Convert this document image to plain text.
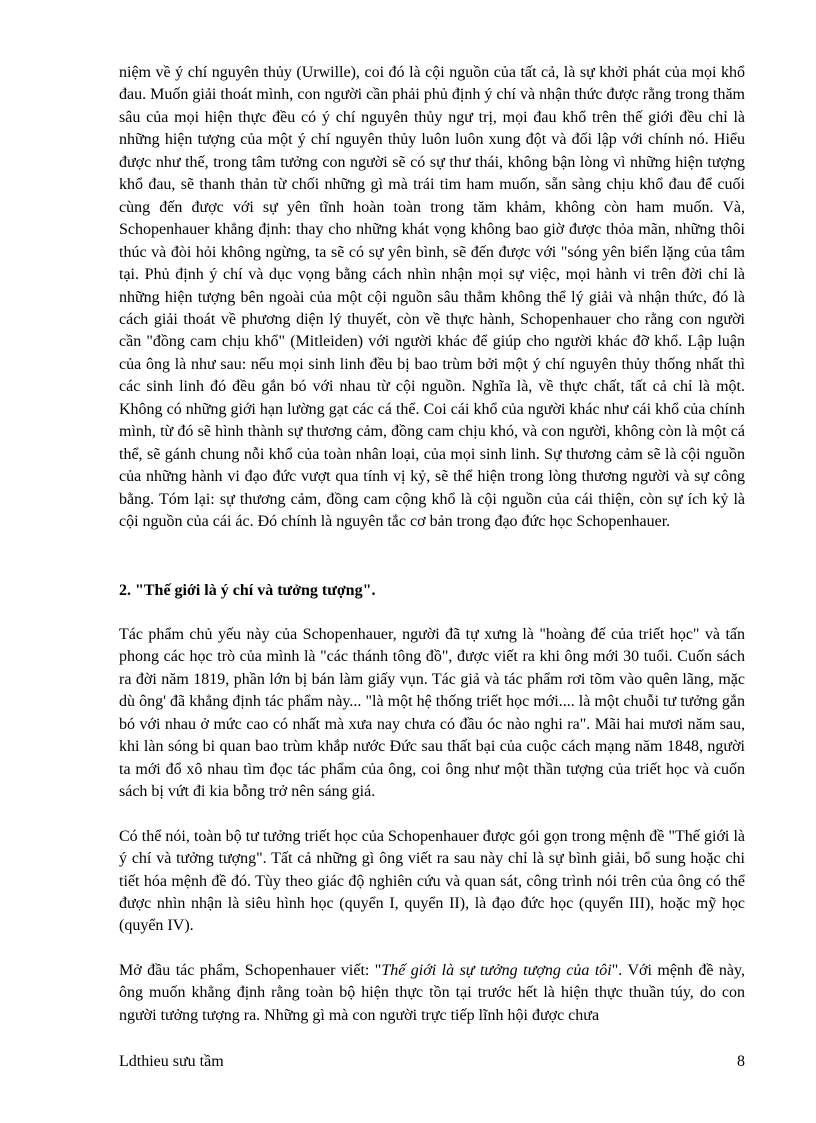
niệm về ý chí nguyên thủy (Urwille), coi đó là cội nguồn của tất cả, là sự khởi phát của mọi khổ đau. Muốn giải thoát mình, con người cần phải phủ định ý chí và nhận thức được rằng trong thăm sâu của mọi hiện thực đều có ý chí nguyên thủy ngư trị, mọi đau khổ trên thế giới đều chỉ là những hiện tượng của một ý chí nguyên thủy luôn luôn xung đột và đối lập với chính nó. Hiểu được như thế, trong tâm tưởng con người sẽ có sự thư thái, không bận lòng vì những hiện tượng khổ đau, sẽ thanh thản từ chối những gì mà trái tim ham muốn, sẵn sàng chịu khổ đau để cuối cùng đến được với sự yên tĩnh hoàn toàn trong tăm khảm, không còn ham muốn. Và, Schopenhauer khẳng định: thay cho những khát vọng không bao giờ được thỏa mãn, những thôi thúc và đòi hỏi không ngừng, ta sẽ có sự yên bình, sẽ đến được với "sóng yên biển lặng của tâm tại. Phủ định ý chí và dục vọng bằng cách nhìn nhận mọi sự việc, mọi hành vi trên đời chỉ là những hiện tượng bên ngoài của một cội nguồn sâu thẳm không thể lý giải và nhận thức, đó là cách giải thoát về phương diện lý thuyết, còn về thực hành, Schopenhauer cho rằng con người cần "đồng cam chịu khổ" (Mitleiden) với người khác để giúp cho người khác đỡ khổ. Lập luận của ông là như sau: nếu mọi sinh linh đều bị bao trùm bởi một ý chí nguyên thủy thống nhất thì các sinh linh đó đều gắn bó với nhau từ cội nguồn. Nghĩa là, về thực chất, tất cả chỉ là một. Không có những giới hạn lường gạt các cá thể. Coi cái khổ của người khác như cái khổ của chính mình, từ đó sẽ hình thành sự thương cảm, đồng cam chịu khó, và con người, không còn là một cá thể, sẽ gánh chung nỗi khổ của toàn nhân loại, của mọi sinh linh. Sự thương cảm sẽ là cội nguồn của những hành vi đạo đức vượt qua tính vị kỷ, sẽ thể hiện trong lòng thương người và sự công bằng. Tóm lại: sự thương cảm, đồng cam cộng khổ là cội nguồn của cái thiện, còn sự ích kỷ là cội nguồn của cái ác. Đó chính là nguyên tắc cơ bản trong đạo đức học Schopenhauer.

2. "Thế giới là ý chí và tưởng tượng".

Tác phẩm chủ yếu này của Schopenhauer, người đã tự xưng là "hoàng đế của triết học" và tấn phong các học trò của mình là "các thánh tông đồ", được viết ra khi ông mới 30 tuổi. Cuốn sách ra đời năm 1819, phần lớn bị bán làm giấy vụn. Tác giả và tác phẩm rơi tõm vào quên lãng, mặc dù ông' đã khẳng định tác phẩm này... "là một hệ thống triết học mới.... là một chuỗi tư tưởng gắn bó với nhau ở mức cao có nhất mà xưa nay chưa có đầu óc nào nghi ra". Mãi hai mươi năm sau, khi làn sóng bi quan bao trùm khắp nước Đức sau thất bại của cuộc cách mạng năm 1848, người ta mới đổ xô nhau tìm đọc tác phẩm của ông, coi ông như một thần tượng của triết học và cuốn sách bị vứt đi kia bỗng trở nên sáng giá.

Có thể nói, toàn bộ tư tưởng triết học của Schopenhauer được gói gọn trong mệnh đề "Thế giới là ý chí và tưởng tượng". Tất cả những gì ông viết ra sau này chỉ là sự bình giải, bổ sung hoặc chi tiết hóa mệnh đề đó. Tùy theo giác độ nghiên cứu và quan sát, công trình nói trên của ông có thể được nhìn nhận là siêu hình học (quyển I, quyển II), là đạo đức học (quyển III), hoặc mỹ học (quyển IV).

Mở đầu tác phẩm, Schopenhauer viết: "Thế giới là sự tưởng tượng của tôi". Với mệnh đề này, ông muốn khẳng định rằng toàn bộ hiện thực tồn tại trước hết là hiện thực thuần túy, do con người tưởng tượng ra. Những gì mà con người trực tiếp lĩnh hội được chưa

Ldthieu sưu tầm	8
